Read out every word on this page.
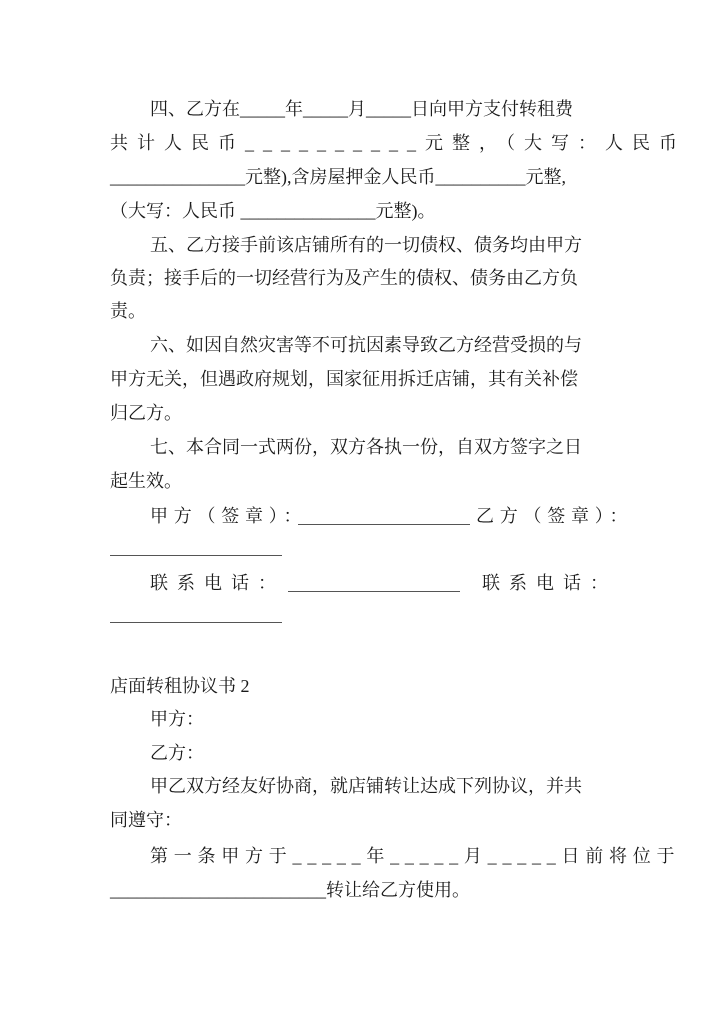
四、乙方在_____年_____月_____日向甲方支付转租费
共计人民币__________元整，（大写：人民币
_______________元整),含房屋押金人民币__________元整,
（大写：人民币 _______________元整)。
五、乙方接手前该店铺所有的一切债权、债务均由甲方
负责；接手后的一切经营行为及产生的债权、债务由乙方负
责。
六、如因自然灾害等不可抗因素导致乙方经营受损的与
甲方无关，但遇政府规划，国家征用拆迁店铺，其有关补偿
归乙方。
七、本合同一式两份，双方各执一份，自双方签字之日
起生效。
甲方（签章）：	乙方（签章）：
联系电话：	联系电话：
店面转租协议书 2
甲方：
乙方：
甲乙双方经友好协商，就店铺转让达成下列协议，并共
同遵守：
第一条甲方于_____年_____月_____日前将位于
________________________转让给乙方使用。
